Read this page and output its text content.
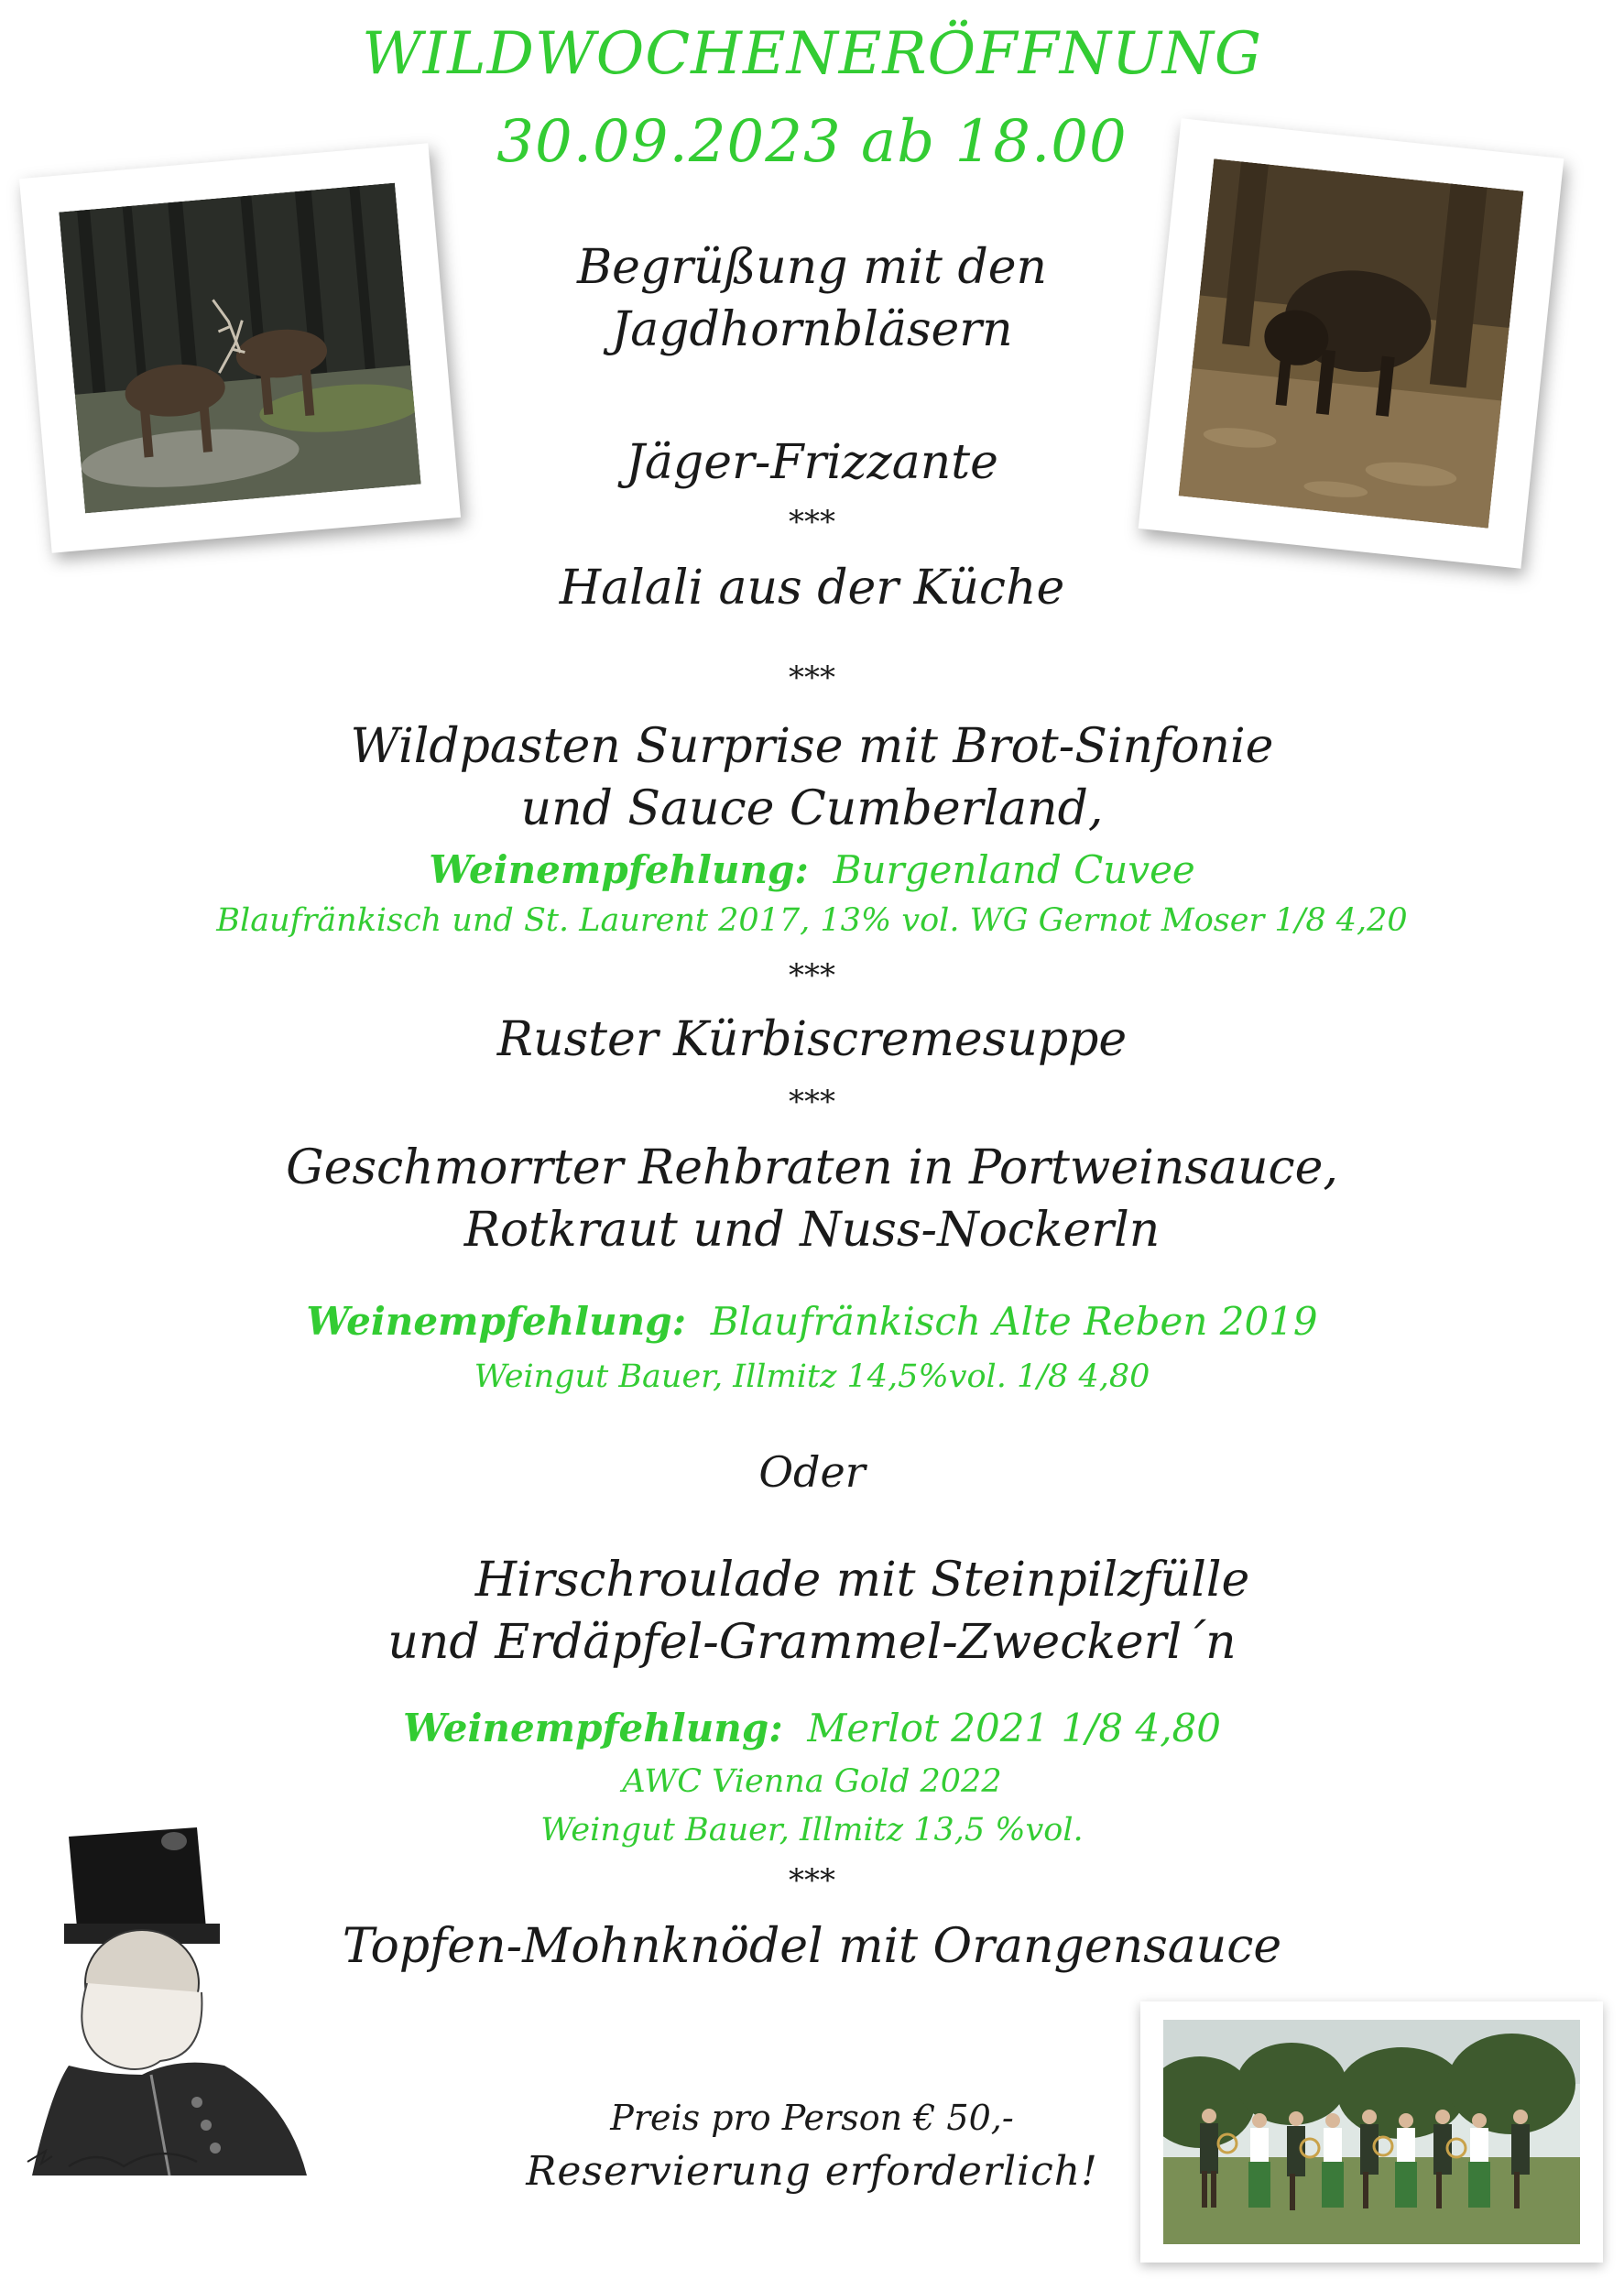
WILDWOCHENERÖFFNUNG
30.09.2023 ab 18.00
Begrüßung mit den
Jagdhornbläsern
Jäger-Frizzante
***
Halali aus der Küche
***
Wildpasten Surprise mit Brot-Sinfonie
und Sauce Cumberland,
Weinempfehlung: Burgenland Cuvee
Blaufränkisch und St. Laurent 2017, 13% vol. WG Gernot Moser 1/8 4,20
***
Ruster Kürbiscremesuppe
***
Geschmorrter Rehbraten in Portweinsauce,
Rotkraut und Nuss-Nockerln
Weinempfehlung: Blaufränkisch Alte Reben 2019
Weingut Bauer, Illmitz 14,5%vol. 1/8 4,80
Oder
Hirschroulade mit Steinpilzfülle
und Erdäpfel-Grammel-Zweckerl´n
Weinempfehlung: Merlot 2021 1/8 4,80
AWC Vienna Gold 2022
Weingut Bauer, Illmitz 13,5 %vol.
***
Topfen-Mohnknödel mit Orangensauce
Preis pro Person € 50,-
Reservierung erforderlich!
